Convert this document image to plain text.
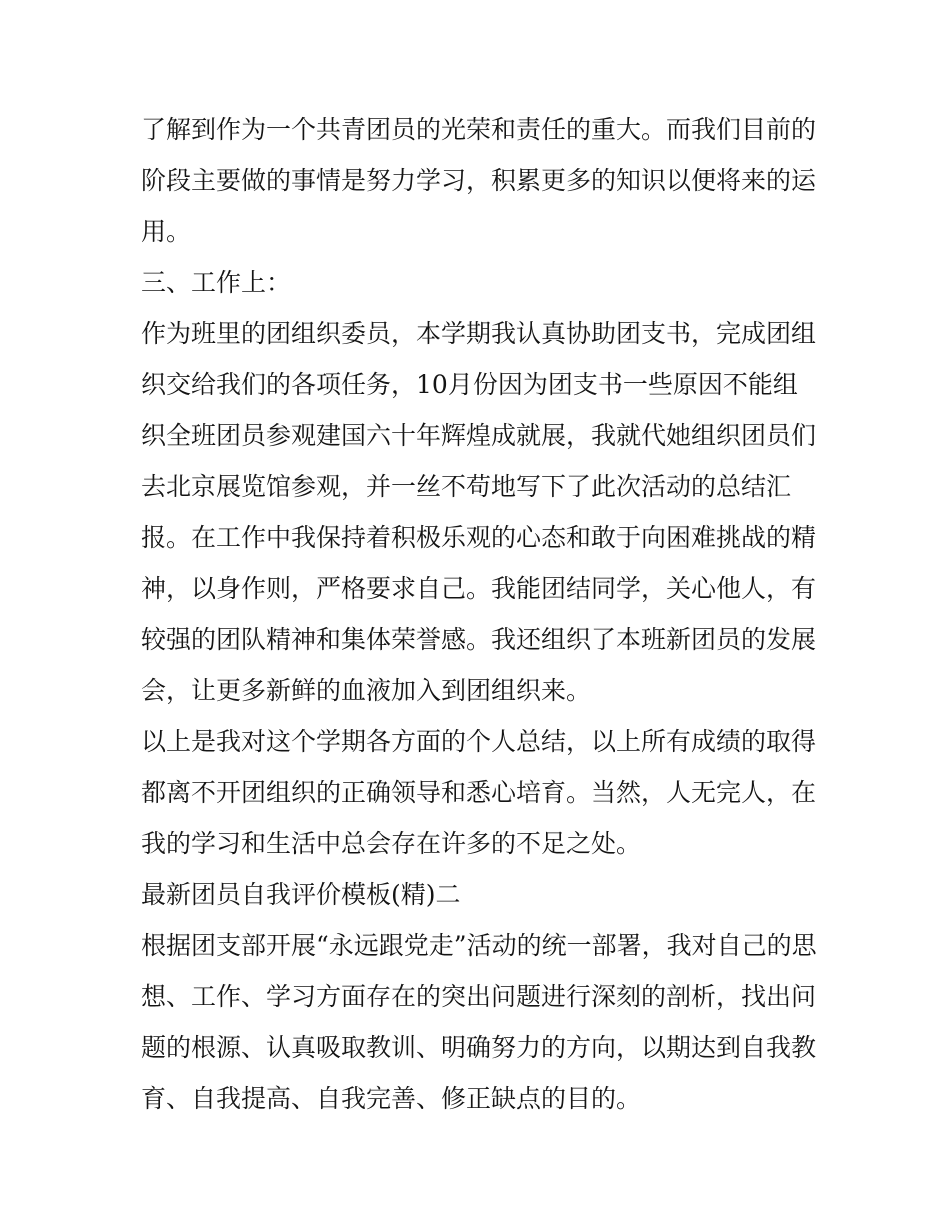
了解到作为一个共青团员的光荣和责任的重大。而我们目前的
阶段主要做的事情是努力学习，积累更多的知识以便将来的运
用。
三、工作上：
作为班里的团组织委员，本学期我认真协助团支书，完成团组
织交给我们的各项任务，10月份因为团支书一些原因不能组
织全班团员参观建国六十年辉煌成就展，我就代她组织团员们
去北京展览馆参观，并一丝不苟地写下了此次活动的总结汇
报。在工作中我保持着积极乐观的心态和敢于向困难挑战的精
神，以身作则，严格要求自己。我能团结同学，关心他人，有
较强的团队精神和集体荣誉感。我还组织了本班新团员的发展
会，让更多新鲜的血液加入到团组织来。
以上是我对这个学期各方面的个人总结，以上所有成绩的取得
都离不开团组织的正确领导和悉心培育。当然，人无完人，在
我的学习和生活中总会存在许多的不足之处。
最新团员自我评价模板(精)二
根据团支部开展“永远跟党走”活动的统一部署，我对自己的思
想、工作、学习方面存在的突出问题进行深刻的剖析，找出问
题的根源、认真吸取教训、明确努力的方向，以期达到自我教
育、自我提高、自我完善、修正缺点的目的。
